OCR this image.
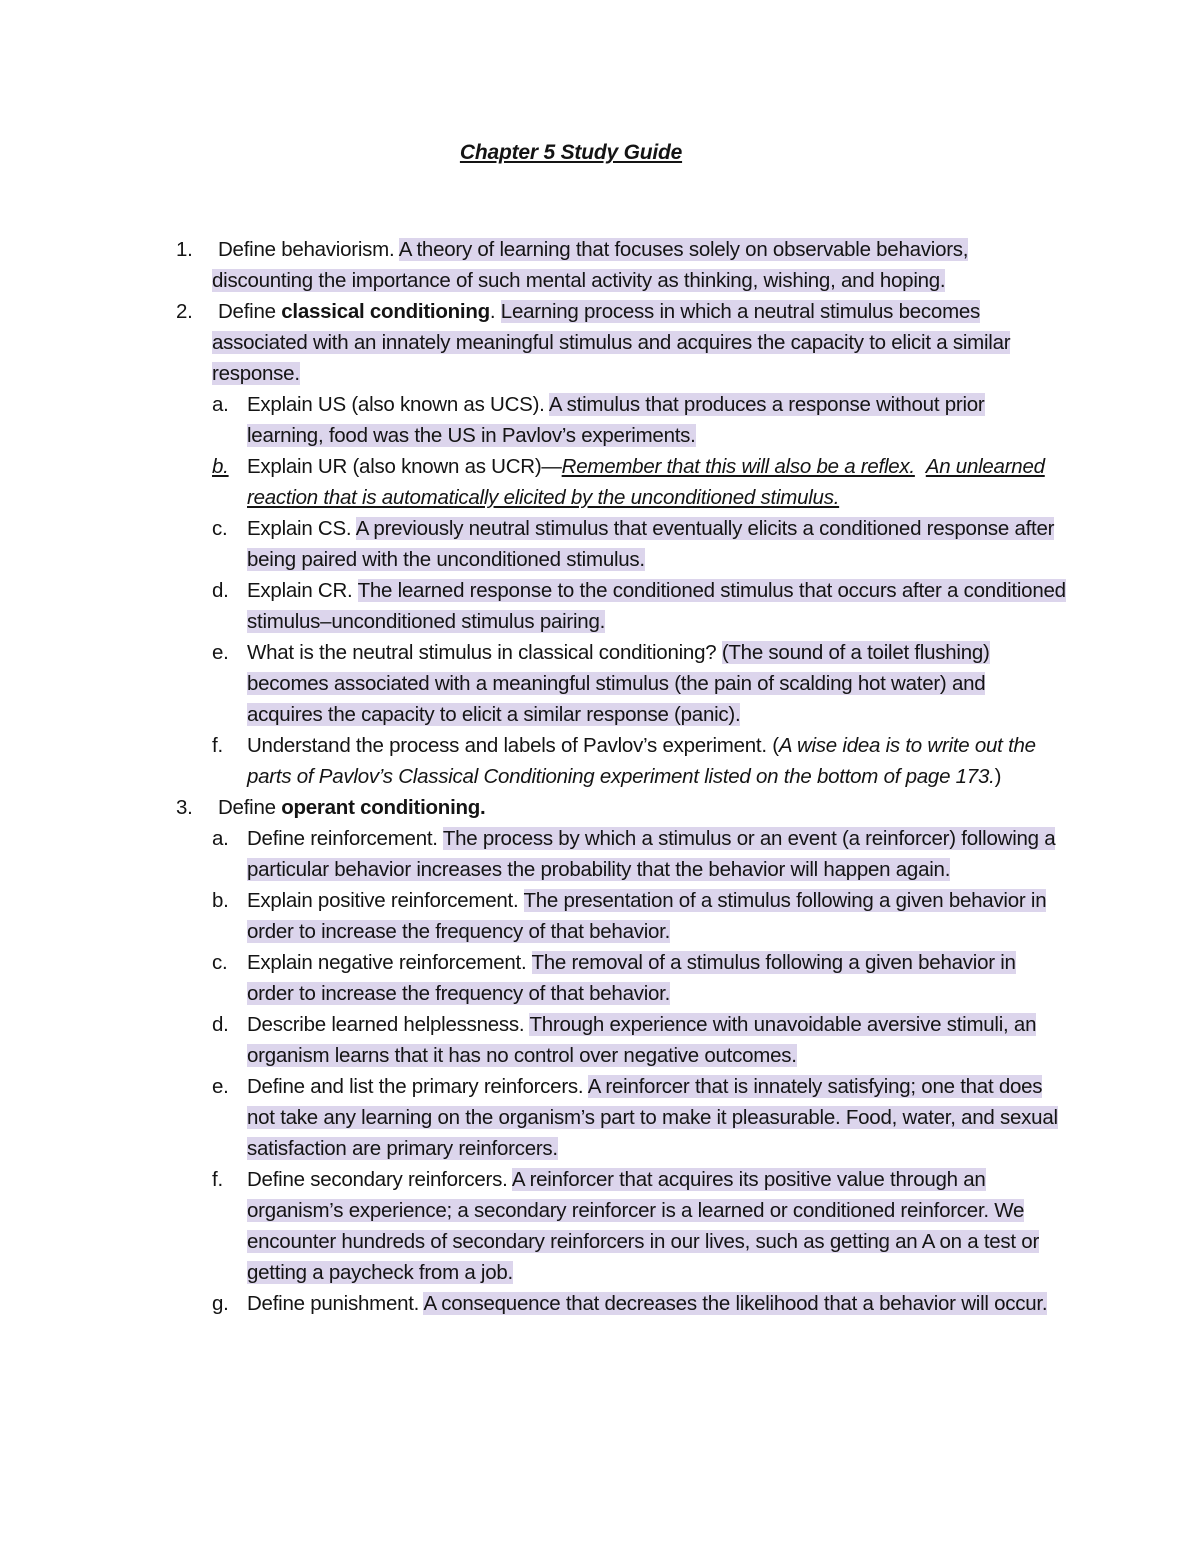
Chapter 5 Study Guide
1. Define behaviorism. A theory of learning that focuses solely on observable behaviors, discounting the importance of such mental activity as thinking, wishing, and hoping.
2. Define classical conditioning. Learning process in which a neutral stimulus becomes associated with an innately meaningful stimulus and acquires the capacity to elicit a similar response.
a. Explain US (also known as UCS). A stimulus that produces a response without prior learning, food was the US in Pavlov’s experiments.
b. Explain UR (also known as UCR)—Remember that this will also be a reflex. An unlearned reaction that is automatically elicited by the unconditioned stimulus.
c. Explain CS. A previously neutral stimulus that eventually elicits a conditioned response after being paired with the unconditioned stimulus.
d. Explain CR. The learned response to the conditioned stimulus that occurs after a conditioned stimulus–unconditioned stimulus pairing.
e. What is the neutral stimulus in classical conditioning? (The sound of a toilet flushing) becomes associated with a meaningful stimulus (the pain of scalding hot water) and acquires the capacity to elicit a similar response (panic).
f. Understand the process and labels of Pavlov’s experiment. (A wise idea is to write out the parts of Pavlov’s Classical Conditioning experiment listed on the bottom of page 173.)
3. Define operant conditioning.
a. Define reinforcement. The process by which a stimulus or an event (a reinforcer) following a particular behavior increases the probability that the behavior will happen again.
b. Explain positive reinforcement. The presentation of a stimulus following a given behavior in order to increase the frequency of that behavior.
c. Explain negative reinforcement. The removal of a stimulus following a given behavior in order to increase the frequency of that behavior.
d. Describe learned helplessness. Through experience with unavoidable aversive stimuli, an organism learns that it has no control over negative outcomes.
e. Define and list the primary reinforcers. A reinforcer that is innately satisfying; one that does not take any learning on the organism’s part to make it pleasurable. Food, water, and sexual satisfaction are primary reinforcers.
f. Define secondary reinforcers. A reinforcer that acquires its positive value through an organism’s experience; a secondary reinforcer is a learned or conditioned reinforcer. We encounter hundreds of secondary reinforcers in our lives, such as getting an A on a test or getting a paycheck from a job.
g. Define punishment. A consequence that decreases the likelihood that a behavior will occur.
